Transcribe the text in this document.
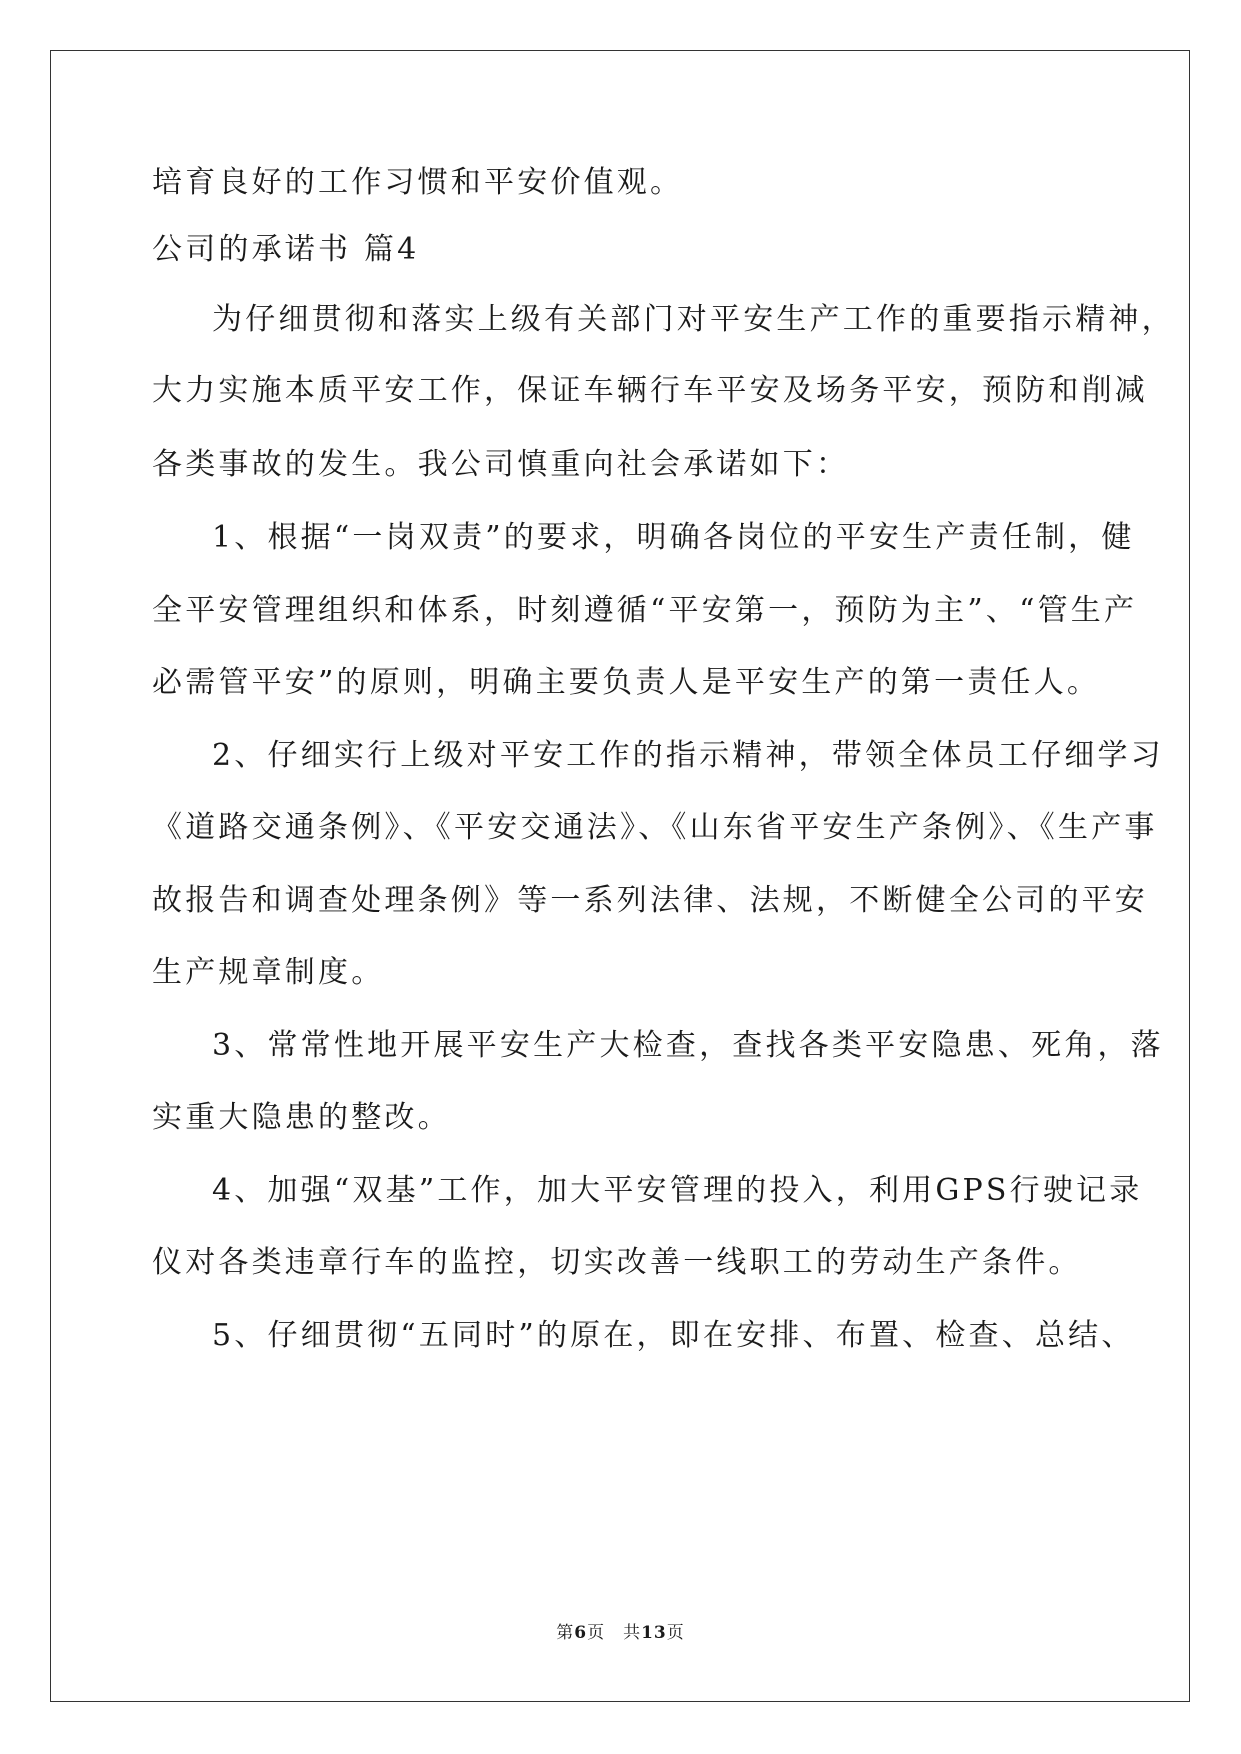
培育良好的工作习惯和平安价值观。
公司的承诺书 篇4
为仔细贯彻和落实上级有关部门对平安生产工作的重要指示精神，
大力实施本质平安工作，保证车辆行车平安及场务平安，预防和削减
各类事故的发生。我公司慎重向社会承诺如下：
1、根据“一岗双责”的要求，明确各岗位的平安生产责任制，健
全平安管理组织和体系，时刻遵循“平安第一，预防为主”、“管生产
必需管平安”的原则，明确主要负责人是平安生产的第一责任人。
2、仔细实行上级对平安工作的指示精神，带领全体员工仔细学习
《道路交通条例》、《平安交通法》、《山东省平安生产条例》、《生产事
故报告和调查处理条例》等一系列法律、法规，不断健全公司的平安
生产规章制度。
3、常常性地开展平安生产大检查，查找各类平安隐患、死角，落
实重大隐患的整改。
4、加强“双基”工作，加大平安管理的投入，利用GPS行驶记录
仪对各类违章行车的监控，切实改善一线职工的劳动生产条件。
5、仔细贯彻“五同时”的原在，即在安排、布置、检查、总结、
第6页　共13页
